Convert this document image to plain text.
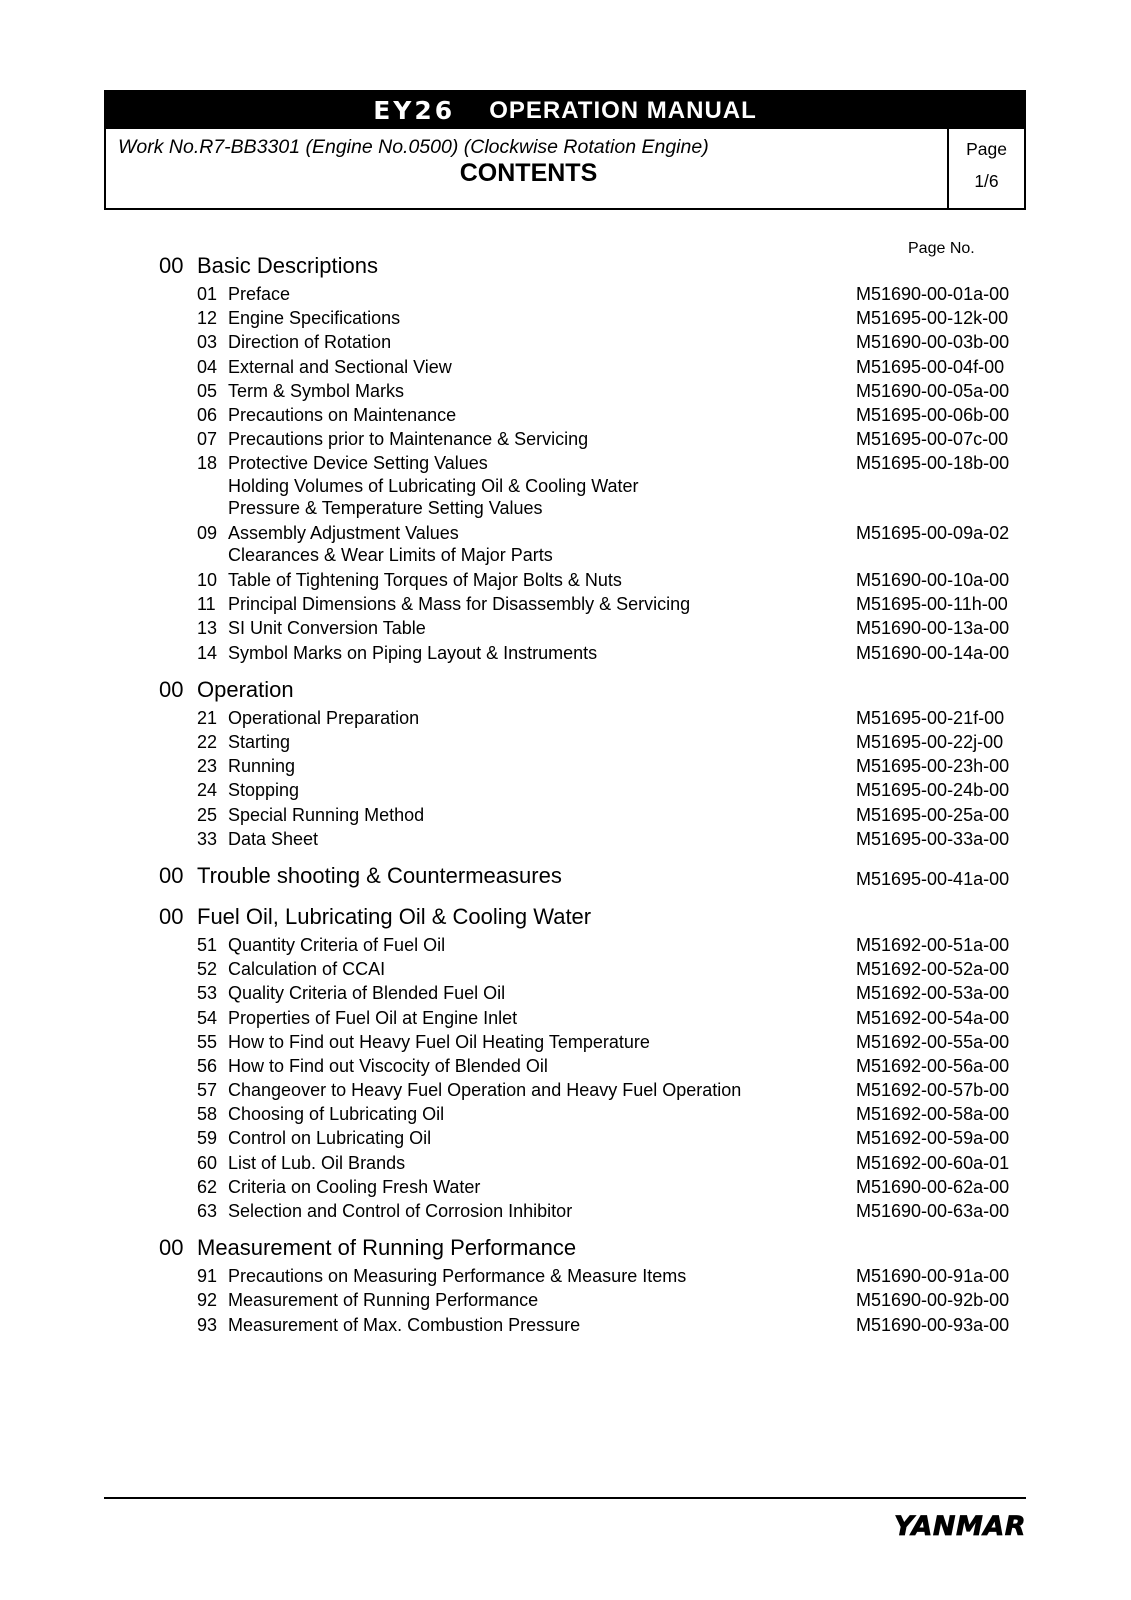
EY26 OPERATION MANUAL
Work No.R7-BB3301 (Engine No.0500) (Clockwise Rotation Engine)
CONTENTS
Page
1/6
Page No.
00 Basic Descriptions
01 Preface	M51690-00-01a-00
12 Engine Specifications	M51695-00-12k-00
03 Direction of Rotation	M51690-00-03b-00
04 External and Sectional View	M51695-00-04f-00
05 Term & Symbol Marks	M51690-00-05a-00
06 Precautions on Maintenance	M51695-00-06b-00
07 Precautions prior to Maintenance & Servicing	M51695-00-07c-00
18 Protective Device Setting Values	M51695-00-18b-00
Holding Volumes of Lubricating Oil & Cooling Water
Pressure & Temperature Setting Values
09 Assembly Adjustment Values	M51695-00-09a-02
Clearances & Wear Limits of Major Parts
10 Table of Tightening Torques of Major Bolts & Nuts	M51690-00-10a-00
11 Principal Dimensions & Mass for Disassembly & Servicing	M51695-00-11h-00
13 SI Unit Conversion Table	M51690-00-13a-00
14 Symbol Marks on Piping Layout & Instruments	M51690-00-14a-00
00 Operation
21 Operational Preparation	M51695-00-21f-00
22 Starting	M51695-00-22j-00
23 Running	M51695-00-23h-00
24 Stopping	M51695-00-24b-00
25 Special Running Method	M51695-00-25a-00
33 Data Sheet	M51695-00-33a-00
00 Trouble shooting & Countermeasures	M51695-00-41a-00
00 Fuel Oil, Lubricating Oil & Cooling Water
51 Quantity Criteria of Fuel Oil	M51692-00-51a-00
52 Calculation of CCAI	M51692-00-52a-00
53 Quality Criteria of Blended Fuel Oil	M51692-00-53a-00
54 Properties of Fuel Oil at Engine Inlet	M51692-00-54a-00
55 How to Find out Heavy Fuel Oil Heating Temperature	M51692-00-55a-00
56 How to Find out Viscocity of Blended Oil	M51692-00-56a-00
57 Changeover to Heavy Fuel Operation and Heavy Fuel Operation	M51692-00-57b-00
58 Choosing of Lubricating Oil	M51692-00-58a-00
59 Control on Lubricating Oil	M51692-00-59a-00
60 List of Lub. Oil Brands	M51692-00-60a-01
62 Criteria on Cooling Fresh Water	M51690-00-62a-00
63 Selection and Control of Corrosion Inhibitor	M51690-00-63a-00
00 Measurement of Running Performance
91 Precautions on Measuring Performance & Measure Items	M51690-00-91a-00
92 Measurement of Running Performance	M51690-00-92b-00
93 Measurement of Max. Combustion Pressure	M51690-00-93a-00
YANMAR
